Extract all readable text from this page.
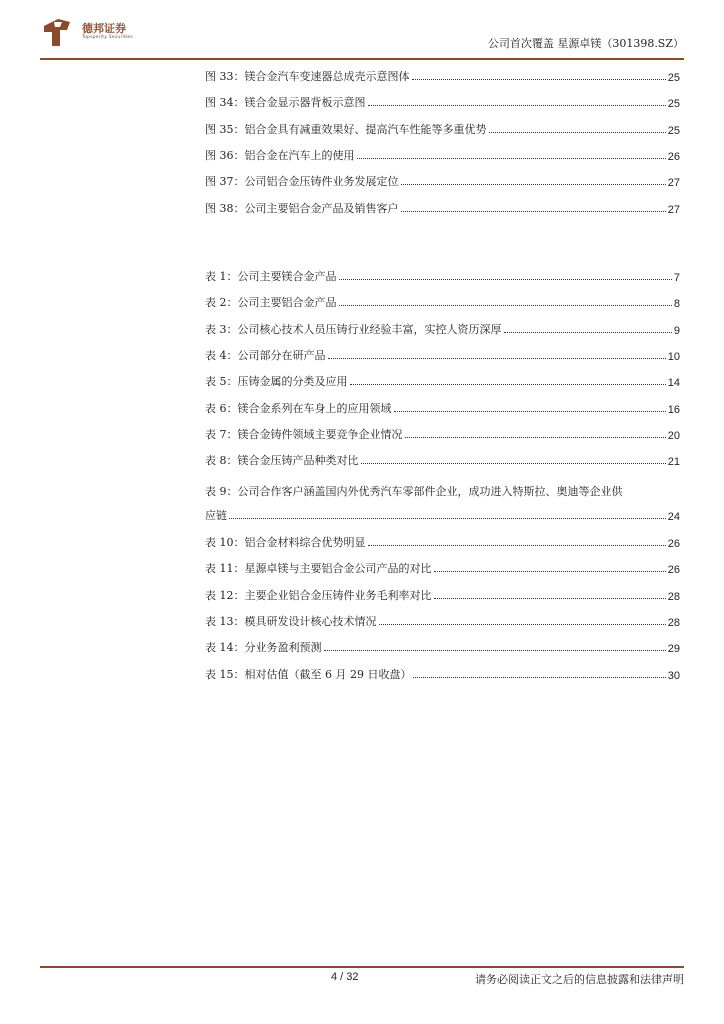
德邦证券
Topsperity Securities	公司首次覆盖 星源卓镁（301398.SZ）
图 33：镁合金汽车变速器总成壳示意图体	25
图 34：镁合金显示器背板示意图	25
图 35：铝合金具有减重效果好、提高汽车性能等多重优势	25
图 36：铝合金在汽车上的使用	26
图 37：公司铝合金压铸件业务发展定位	27
图 38：公司主要铝合金产品及销售客户	27
表 1：公司主要镁合金产品	7
表 2：公司主要铝合金产品	8
表 3：公司核心技术人员压铸行业经验丰富，实控人资历深厚	9
表 4：公司部分在研产品	10
表 5：压铸金属的分类及应用	14
表 6：镁合金系列在车身上的应用领域	16
表 7：镁合金铸件领域主要竞争企业情况	20
表 8：镁合金压铸产品种类对比	21
表 9：公司合作客户涵盖国内外优秀汽车零部件企业，成功进入特斯拉、奥迪等企业供
应链	24
表 10：铝合金材料综合优势明显	26
表 11：星源卓镁与主要铝合金公司产品的对比	26
表 12：主要企业铝合金压铸件业务毛利率对比	28
表 13：模具研发设计核心技术情况	28
表 14：分业务盈利预测	29
表 15：相对估值（截至 6 月 29 日收盘）	30
4 / 32	请务必阅读正文之后的信息披露和法律声明
